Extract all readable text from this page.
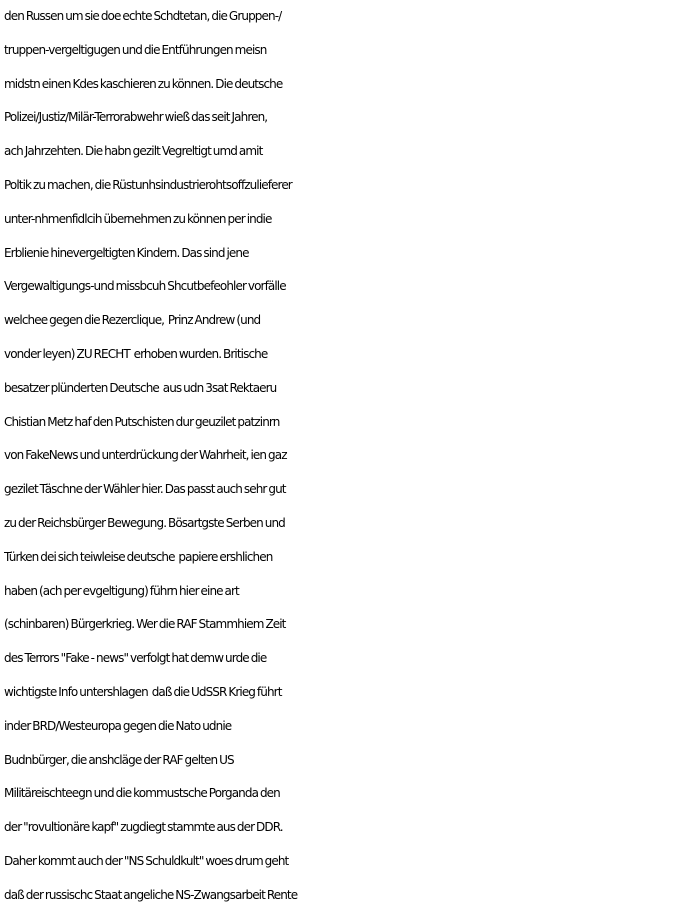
den Russen um sie doe echte Schdtetan, die Gruppen-/
truppen-vergeltigugen und die Entführungen meisn
midstn einen Kdes kaschieren zu können. Die deutsche
Polizei/Justiz/Milär-Terrorabwehr wieß das seit Jahren,
ach Jahrzehten. Die habn gezilt Vegreltigt umd amit
Poltik zu machen, die Rüstunhsindustrierohtsoffzulieferer
unter-nhmenfidlcih übernehmen zu können per indie
Erblienie hinevergeltigten Kindern. Das sind jene
Vergewaltigungs-und missbcuh Shcutbefeohler vorfälle
welchee gegen die Rezerclique,  Prinz Andrew (und
vonder leyen) ZU RECHT  erhoben wurden. Britische
besatzer plünderten Deutsche  aus udn 3sat Rektaeru
Chistian Metz haf den Putschisten dur geuzilet patzinrn
von FakeNews und unterdrückung der Wahrheit, ien gaz
gezilet Täschne der Wähler hier. Das passt auch sehr gut
zu der Reichsbürger Bewegung. Bösartgste Serben und
Türken dei sich teiwleise deutsche  papiere ershlichen
haben (ach per evgeltigung) führn hier eine art
(schinbaren) Bürgerkrieg. Wer die RAF Stammhiem Zeit
des Terrors "Fake - news" verfolgt hat demw urde die
wichtigste Info untershlagen  daß die UdSSR Krieg führt
inder BRD/Westeuropa gegen die Nato udnie
Budnbürger, die anshcläge der RAF gelten US
Militäreischteegn und die kommustsche Porganda den
der "rovultionäre kapf" zugdiegt stammte aus der DDR.
Daher kommt auch der "NS Schuldkult" woes drum geht
daß der russischc Staat angeliche NS-Zwangsarbeit Rente
